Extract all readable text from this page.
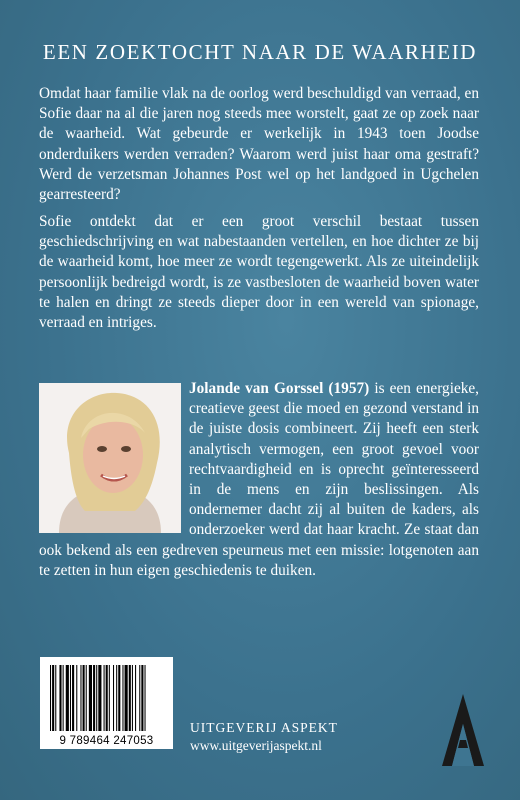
EEN ZOEKTOCHT NAAR DE WAARHEID

Omdat haar familie vlak na de oorlog werd beschuldigd van verraad, en Sofie daar na al die jaren nog steeds mee worstelt, gaat ze op zoek naar de waarheid. Wat gebeurde er werkelijk in 1943 toen Joodse onderduikers werden verraden? Waarom werd juist haar oma gestraft? Werd de verzetsman Johannes Post wel op het landgoed in Ugchelen gearresteerd?

Sofie ontdekt dat er een groot verschil bestaat tussen geschiedschrijving en wat nabestaanden vertellen, en hoe dichter ze bij de waarheid komt, hoe meer ze wordt tegengewerkt. Als ze uiteindelijk persoonlijk bedreigd wordt, is ze vastbesloten de waarheid boven water te halen en dringt ze steeds dieper door in een wereld van spionage, verraad en intriges.

Jolande van Gorssel (1957)
is een energieke, creatieve geest die moed en gezond verstand in de juiste dosis combineert. Zij heeft een sterk analytisch vermogen, een groot gevoel voor rechtvaardigheid en is oprecht geïnteresseerd in de mens en zijn beslissingen. Als ondernemer dacht zij al buiten de kaders, als onderzoeker werd dat haar kracht. Ze staat dan ook bekend als een gedreven speurneus met een missie: lotgenoten aan te zetten in hun eigen geschiedenis te duiken.

9 789464 247053
UITGEVERIJ ASPEKT
www.uitgeverijaspekt.nl
